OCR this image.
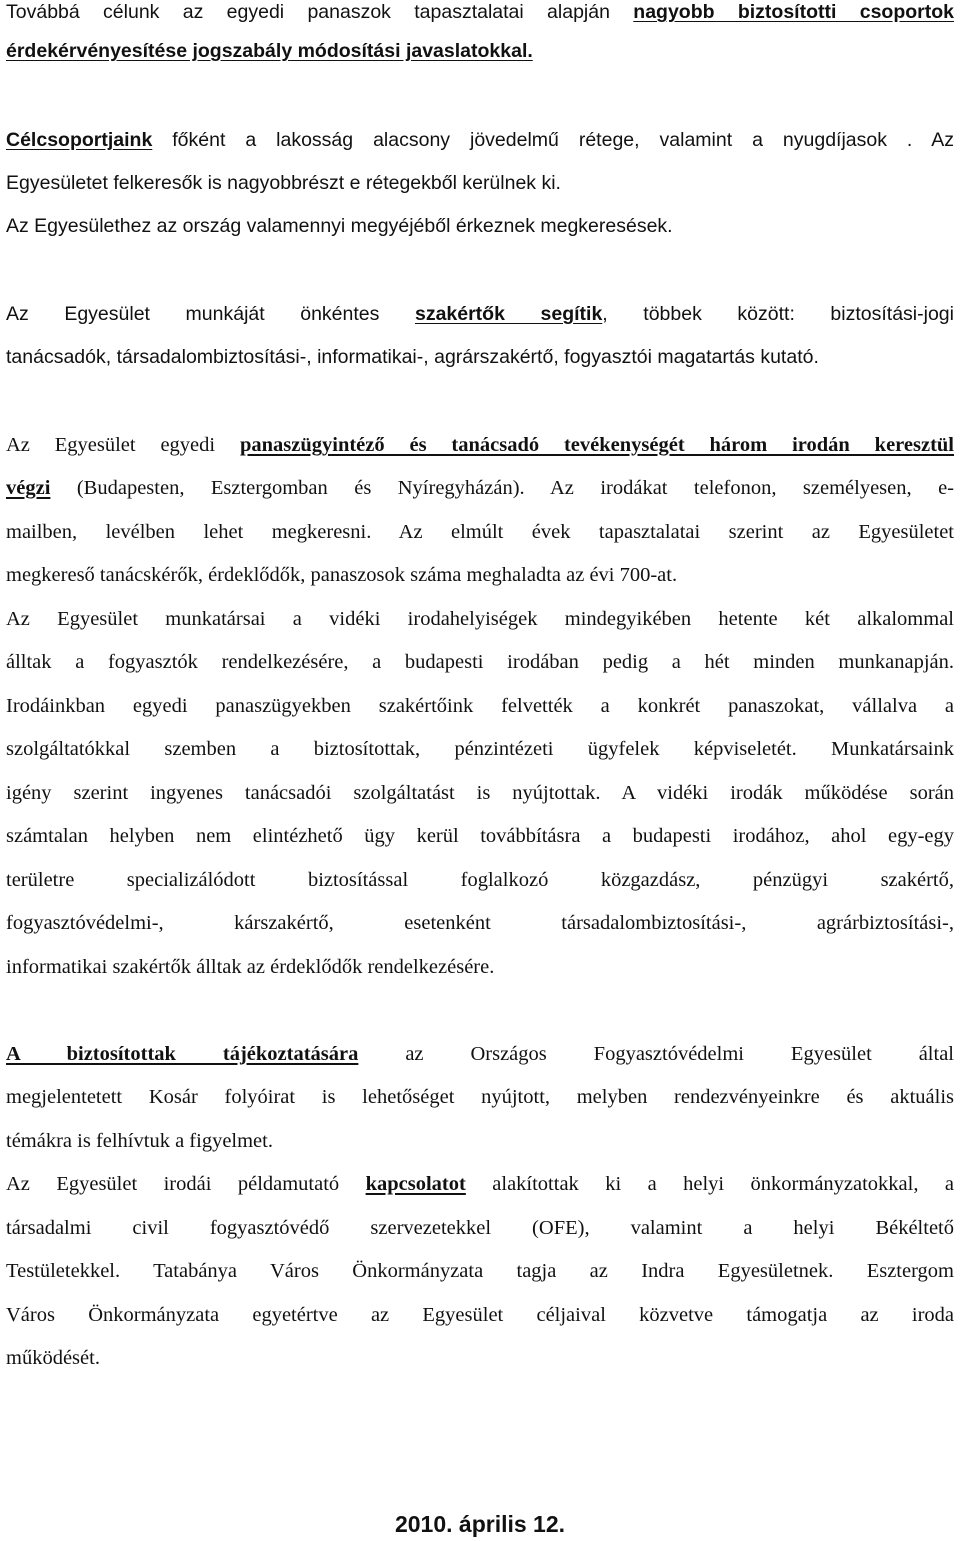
Továbbá célunk az egyedi panaszok tapasztalatai alapján nagyobb biztosítotti csoportok
érdekérvényesítése jogszabály módosítási javaslatokkal.
Célcsoportjaink főként a lakosság alacsony jövedelmű rétege, valamint a nyugdíjasok . Az
Egyesületet felkeresők is nagyobbrészt e rétegekből kerülnek ki.
Az Egyesülethez az ország valamennyi megyéjéből érkeznek megkeresések.
Az Egyesület munkáját önkéntes szakértők segítik, többek között: biztosítási-jogi
tanácsadók, társadalombiztosítási-, informatikai-, agrárszakértő, fogyasztói magatartás kutató.
Az Egyesület egyedi panaszügyintéző és tanácsadó tevékenységét három irodán keresztül
végzi (Budapesten, Esztergomban és Nyíregyházán). Az irodákat telefonon, személyesen, e-
mailben, levélben lehet megkeresni. Az elmúlt évek tapasztalatai szerint az Egyesületet
megkereső tanácskérők, érdeklődők, panaszosok száma meghaladta az évi 700-at.
Az Egyesület munkatársai a vidéki irodahelyiségek mindegyikében hetente két alkalommal
álltak a fogyasztók rendelkezésére, a budapesti irodában pedig a hét minden munkanapján.
Irodáinkban egyedi panaszügyekben szakértőink felvették a konkrét panaszokat, vállalva a
szolgáltatókkal szemben a biztosítottak, pénzintézeti ügyfelek képviseletét. Munkatársaink
igény szerint ingyenes tanácsadói szolgáltatást is nyújtottak. A vidéki irodák működése során
számtalan helyben nem elintézhető ügy kerül továbbításra a budapesti irodához, ahol egy-egy
területre specializálódott biztosítással foglalkozó közgazdász, pénzügyi szakértő,
fogyasztóvédelmi-, kárszakértő, esetenként társadalombiztosítási-, agrárbiztosítási-,
informatikai szakértők álltak az érdeklődők rendelkezésére.
A biztosítottak tájékoztatására az Országos Fogyasztóvédelmi Egyesület által
megjelentetett Kosár folyóirat is lehetőséget nyújtott, melyben rendezvényeinkre és aktuális
témákra is felhívtuk a figyelmet.
Az Egyesület irodái példamutató kapcsolatot alakítottak ki a helyi önkormányzatokkal, a
társadalmi civil fogyasztóvédő szervezetekkel (OFE), valamint a helyi Békéltető
Testületekkel. Tatabánya Város Önkormányzata tagja az Indra Egyesületnek. Esztergom
Város Önkormányzata egyetértve az Egyesület céljaival közvetve támogatja az iroda
működését.
2010. április 12.
